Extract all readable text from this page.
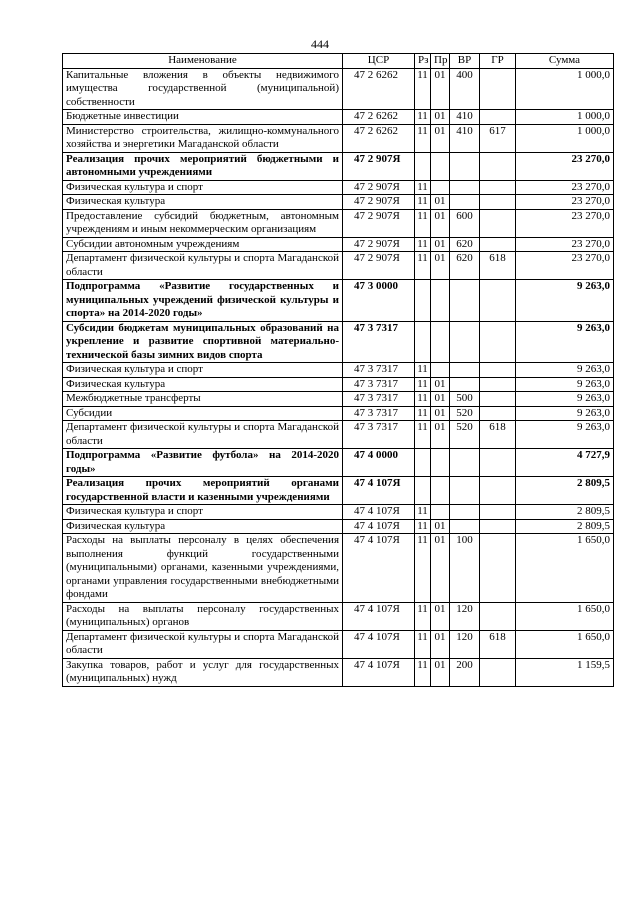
444
Наименование	ЦСР	Рз	Пр	ВР	ГР	Сумма
Капитальные вложения в объекты недвижимого имущества государственной (муниципальной) собственности	47 2 6262	11	01	400		1 000,0
Бюджетные инвестиции	47 2 6262	11	01	410		1 000,0
Министерство строительства, жилищно-коммунального хозяйства и энергетики Магаданской области	47 2 6262	11	01	410	617	1 000,0
Реализация прочих мероприятий бюджетными и автономными учреждениями	47 2 907Я					23 270,0
Физическая культура и спорт	47 2 907Я	11				23 270,0
Физическая культура	47 2 907Я	11	01			23 270,0
Предоставление субсидий бюджетным, автономным учреждениям и иным некоммерческим организациям	47 2 907Я	11	01	600		23 270,0
Субсидии автономным учреждениям	47 2 907Я	11	01	620		23 270,0
Департамент физической культуры и спорта Магаданской области	47 2 907Я	11	01	620	618	23 270,0
Подпрограмма «Развитие государственных и муниципальных учреждений физической культуры и спорта» на 2014-2020 годы»	47 3 0000					9 263,0
Субсидии бюджетам муниципальных образований на укрепление и развитие спортивной материально-технической базы зимних видов спорта	47 3 7317					9 263,0
Физическая культура и спорт	47 3 7317	11				9 263,0
Физическая культура	47 3 7317	11	01			9 263,0
Межбюджетные трансферты	47 3 7317	11	01	500		9 263,0
Субсидии	47 3 7317	11	01	520		9 263,0
Департамент физической культуры и спорта Магаданской области	47 3 7317	11	01	520	618	9 263,0
Подпрограмма «Развитие футбола» на 2014-2020 годы»	47 4 0000					4 727,9
Реализация прочих мероприятий органами государственной власти и казенными учреждениями	47 4 107Я					2 809,5
Физическая культура и спорт	47 4 107Я	11				2 809,5
Физическая культура	47 4 107Я	11	01			2 809,5
Расходы на выплаты персоналу в целях обеспечения выполнения функций государственными (муниципальными) органами, казенными учреждениями, органами управления государственными внебюджетными фондами	47 4 107Я	11	01	100		1 650,0
Расходы на выплаты персоналу государственных (муниципальных) органов	47 4 107Я	11	01	120		1 650,0
Департамент физической культуры и спорта Магаданской области	47 4 107Я	11	01	120	618	1 650,0
Закупка товаров, работ и услуг для государственных (муниципальных) нужд	47 4 107Я	11	01	200		1 159,5
